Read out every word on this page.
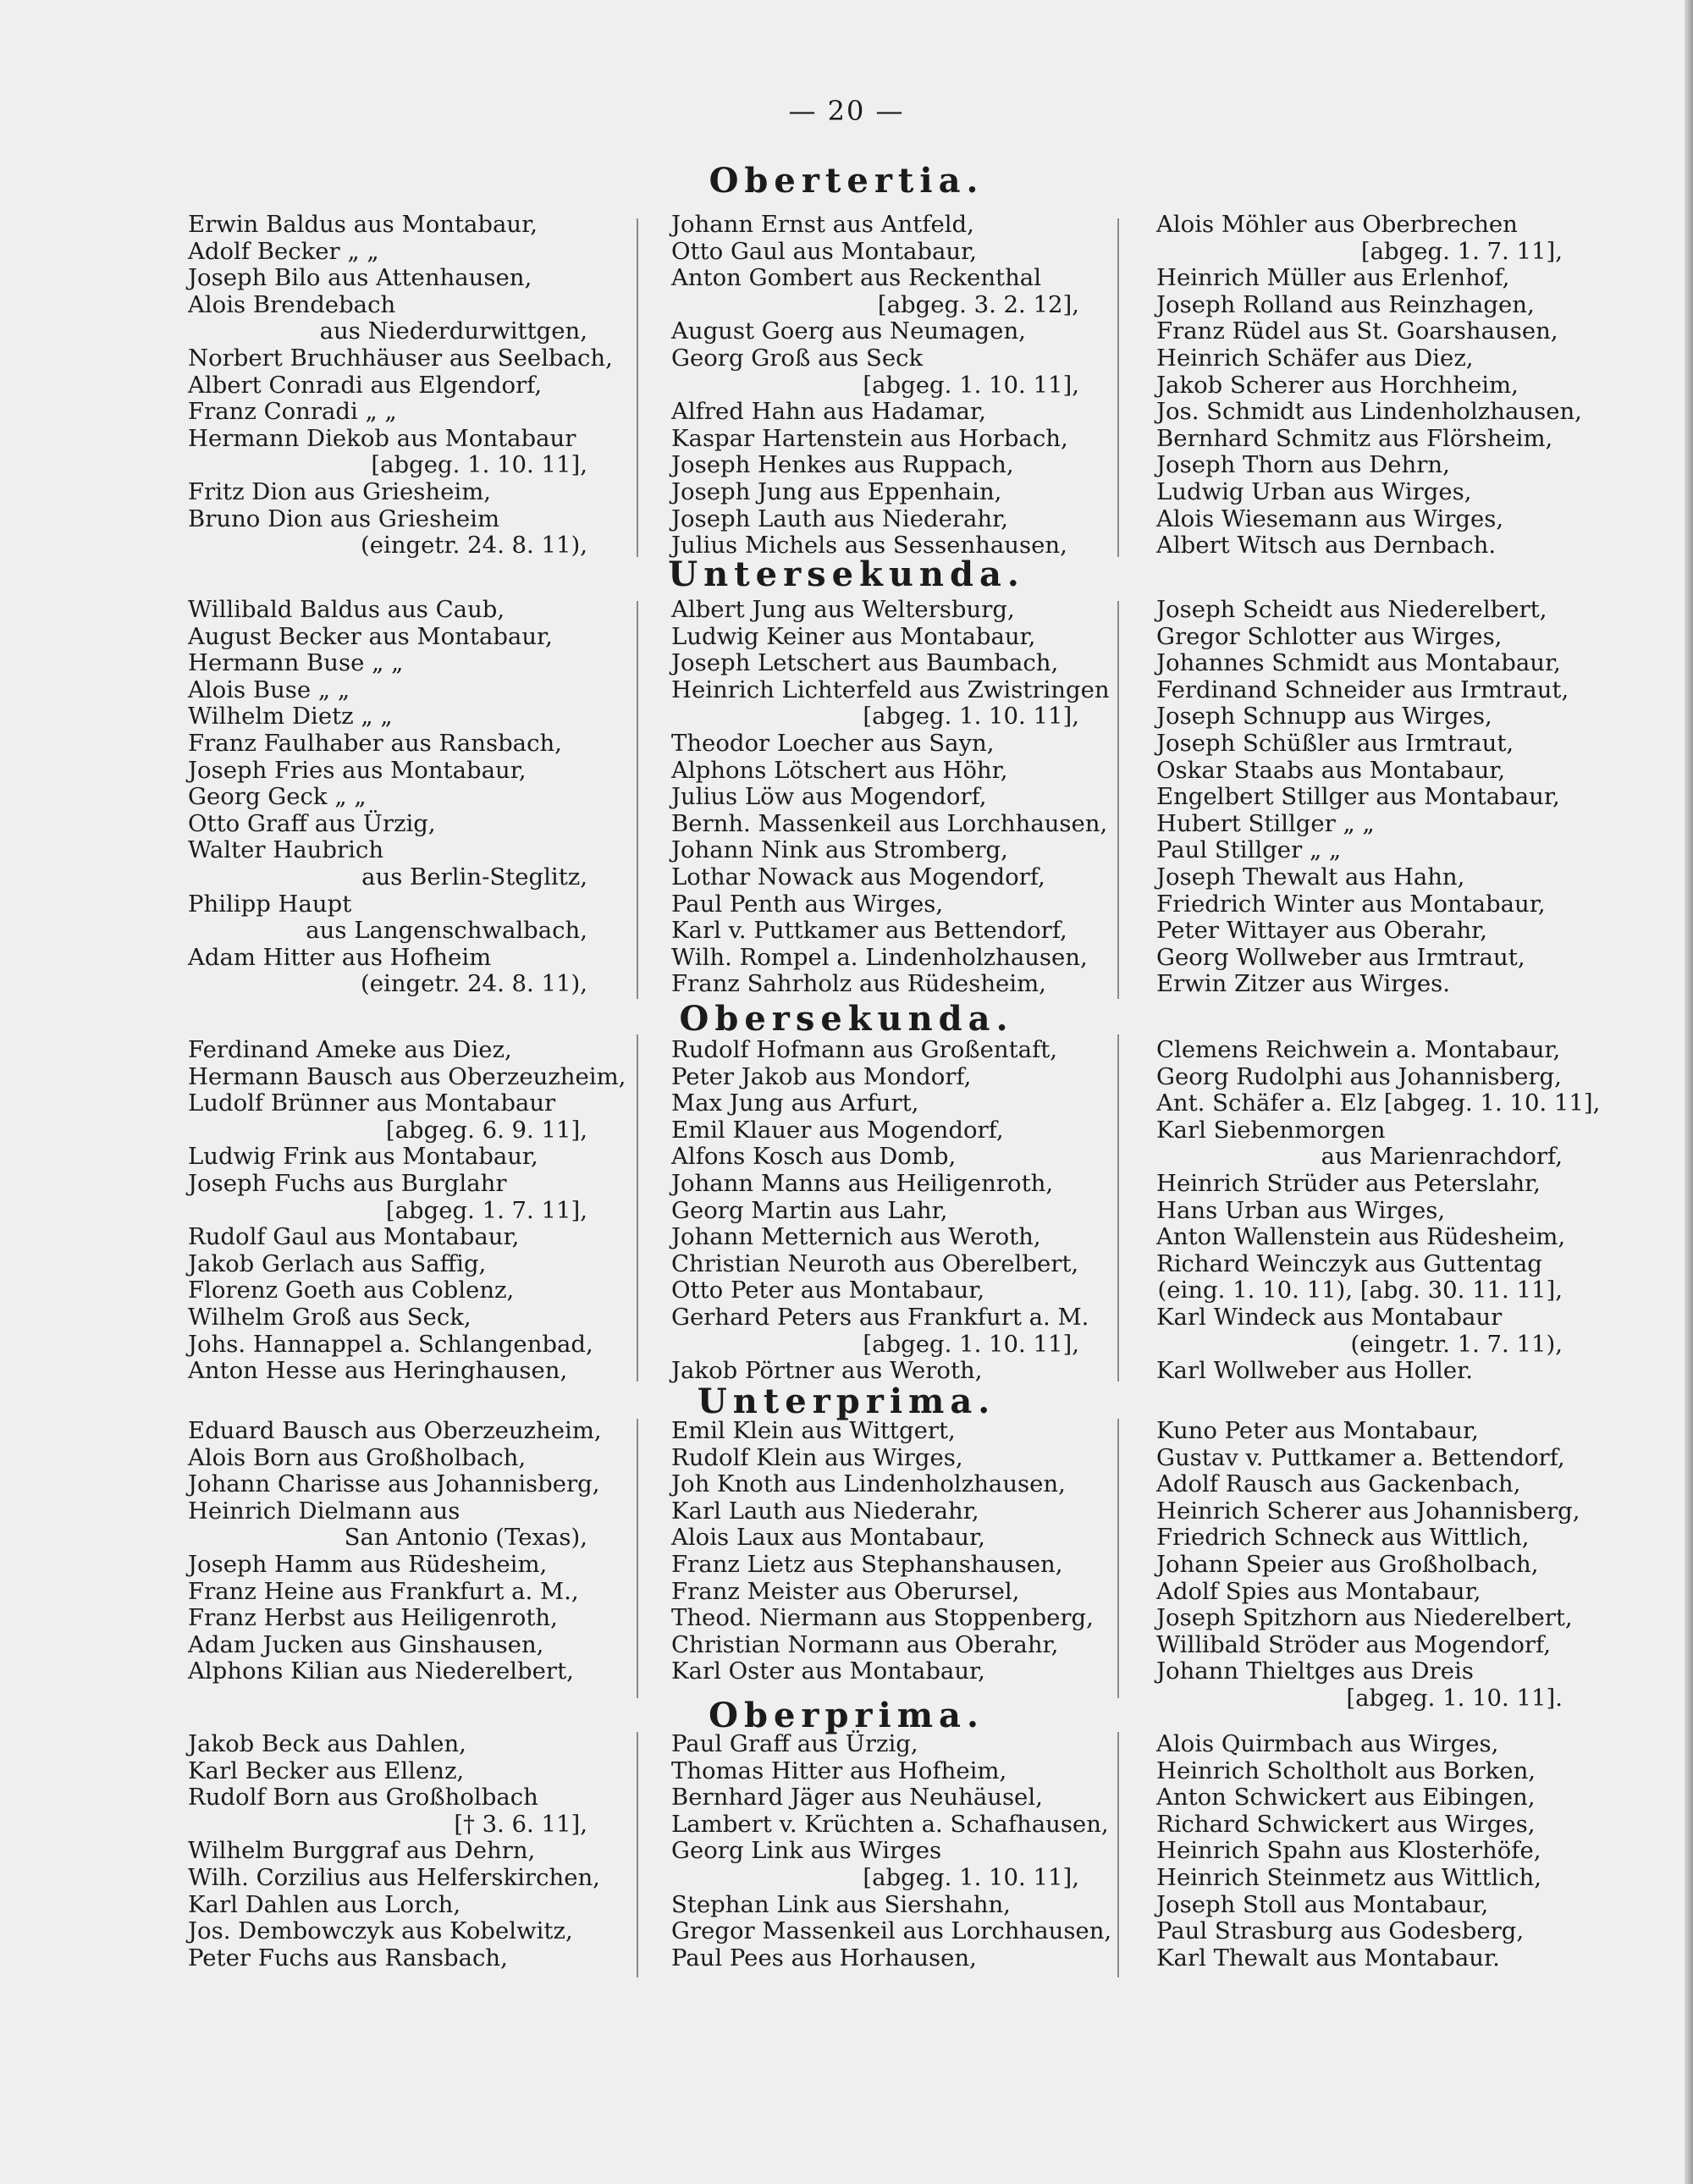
— 20 —
Obertertia.
Untersekunda.
Obersekunda.
Unterprima.
Oberprima.
Erwin Baldus aus Montabaur,
Adolf Becker „ „
Joseph Bilo aus Attenhausen,
Alois Brendebach
aus Niederdurwittgen,
Norbert Bruchhäuser aus Seelbach,
Albert Conradi aus Elgendorf,
Franz Conradi „ „
Hermann Diekob aus Montabaur
[abgeg. 1. 10. 11],
Fritz Dion aus Griesheim,
Bruno Dion aus Griesheim
(eingetr. 24. 8. 11),
Johann Ernst aus Antfeld,
Otto Gaul aus Montabaur,
Anton Gombert aus Reckenthal
[abgeg. 3. 2. 12],
August Goerg aus Neumagen,
Georg Groß aus Seck
[abgeg. 1. 10. 11],
Alfred Hahn aus Hadamar,
Kaspar Hartenstein aus Horbach,
Joseph Henkes aus Ruppach,
Joseph Jung aus Eppenhain,
Joseph Lauth aus Niederahr,
Julius Michels aus Sessenhausen,
Alois Möhler aus Oberbrechen
[abgeg. 1. 7. 11],
Heinrich Müller aus Erlenhof,
Joseph Rolland aus Reinzhagen,
Franz Rüdel aus St. Goarshausen,
Heinrich Schäfer aus Diez,
Jakob Scherer aus Horchheim,
Jos. Schmidt aus Lindenholzhausen,
Bernhard Schmitz aus Flörsheim,
Joseph Thorn aus Dehrn,
Ludwig Urban aus Wirges,
Alois Wiesemann aus Wirges,
Albert Witsch aus Dernbach.
Willibald Baldus aus Caub,
August Becker aus Montabaur,
Hermann Buse „ „
Alois Buse „ „
Wilhelm Dietz „ „
Franz Faulhaber aus Ransbach,
Joseph Fries aus Montabaur,
Georg Geck „ „
Otto Graff aus Ürzig,
Walter Haubrich
aus Berlin-Steglitz,
Philipp Haupt
aus Langenschwalbach,
Adam Hitter aus Hofheim
(eingetr. 24. 8. 11),
Albert Jung aus Weltersburg,
Ludwig Keiner aus Montabaur,
Joseph Letschert aus Baumbach,
Heinrich Lichterfeld aus Zwistringen
[abgeg. 1. 10. 11],
Theodor Loecher aus Sayn,
Alphons Lötschert aus Höhr,
Julius Löw aus Mogendorf,
Bernh. Massenkeil aus Lorchhausen,
Johann Nink aus Stromberg,
Lothar Nowack aus Mogendorf,
Paul Penth aus Wirges,
Karl v. Puttkamer aus Bettendorf,
Wilh. Rompel a. Lindenholzhausen,
Franz Sahrholz aus Rüdesheim,
Joseph Scheidt aus Niederelbert,
Gregor Schlotter aus Wirges,
Johannes Schmidt aus Montabaur,
Ferdinand Schneider aus Irmtraut,
Joseph Schnupp aus Wirges,
Joseph Schüßler aus Irmtraut,
Oskar Staabs aus Montabaur,
Engelbert Stillger aus Montabaur,
Hubert Stillger „ „
Paul Stillger „ „
Joseph Thewalt aus Hahn,
Friedrich Winter aus Montabaur,
Peter Wittayer aus Oberahr,
Georg Wollweber aus Irmtraut,
Erwin Zitzer aus Wirges.
Ferdinand Ameke aus Diez,
Hermann Bausch aus Oberzeuzheim,
Ludolf Brünner aus Montabaur
[abgeg. 6. 9. 11],
Ludwig Frink aus Montabaur,
Joseph Fuchs aus Burglahr
[abgeg. 1. 7. 11],
Rudolf Gaul aus Montabaur,
Jakob Gerlach aus Saffig,
Florenz Goeth aus Coblenz,
Wilhelm Groß aus Seck,
Johs. Hannappel a. Schlangenbad,
Anton Hesse aus Heringhausen,
Rudolf Hofmann aus Großentaft,
Peter Jakob aus Mondorf,
Max Jung aus Arfurt,
Emil Klauer aus Mogendorf,
Alfons Kosch aus Domb,
Johann Manns aus Heiligenroth,
Georg Martin aus Lahr,
Johann Metternich aus Weroth,
Christian Neuroth aus Oberelbert,
Otto Peter aus Montabaur,
Gerhard Peters aus Frankfurt a. M.
[abgeg. 1. 10. 11],
Jakob Pörtner aus Weroth,
Clemens Reichwein a. Montabaur,
Georg Rudolphi aus Johannisberg,
Ant. Schäfer a. Elz [abgeg. 1. 10. 11],
Karl Siebenmorgen
aus Marienrachdorf,
Heinrich Strüder aus Peterslahr,
Hans Urban aus Wirges,
Anton Wallenstein aus Rüdesheim,
Richard Weinczyk aus Guttentag
(eing. 1. 10. 11), [abg. 30. 11. 11],
Karl Windeck aus Montabaur
(eingetr. 1. 7. 11),
Karl Wollweber aus Holler.
Eduard Bausch aus Oberzeuzheim,
Alois Born aus Großholbach,
Johann Charisse aus Johannisberg,
Heinrich Dielmann aus
San Antonio (Texas),
Joseph Hamm aus Rüdesheim,
Franz Heine aus Frankfurt a. M.,
Franz Herbst aus Heiligenroth,
Adam Jucken aus Ginshausen,
Alphons Kilian aus Niederelbert,
Emil Klein aus Wittgert,
Rudolf Klein aus Wirges,
Joh Knoth aus Lindenholzhausen,
Karl Lauth aus Niederahr,
Alois Laux aus Montabaur,
Franz Lietz aus Stephanshausen,
Franz Meister aus Oberursel,
Theod. Niermann aus Stoppenberg,
Christian Normann aus Oberahr,
Karl Oster aus Montabaur,
Kuno Peter aus Montabaur,
Gustav v. Puttkamer a. Bettendorf,
Adolf Rausch aus Gackenbach,
Heinrich Scherer aus Johannisberg,
Friedrich Schneck aus Wittlich,
Johann Speier aus Großholbach,
Adolf Spies aus Montabaur,
Joseph Spitzhorn aus Niederelbert,
Willibald Ströder aus Mogendorf,
Johann Thieltges aus Dreis
[abgeg. 1. 10. 11].
Jakob Beck aus Dahlen,
Karl Becker aus Ellenz,
Rudolf Born aus Großholbach
[† 3. 6. 11],
Wilhelm Burggraf aus Dehrn,
Wilh. Corzilius aus Helferskirchen,
Karl Dahlen aus Lorch,
Jos. Dembowczyk aus Kobelwitz,
Peter Fuchs aus Ransbach,
Paul Graff aus Ürzig,
Thomas Hitter aus Hofheim,
Bernhard Jäger aus Neuhäusel,
Lambert v. Krüchten a. Schafhausen,
Georg Link aus Wirges
[abgeg. 1. 10. 11],
Stephan Link aus Siershahn,
Gregor Massenkeil aus Lorchhausen,
Paul Pees aus Horhausen,
Alois Quirmbach aus Wirges,
Heinrich Scholtholt aus Borken,
Anton Schwickert aus Eibingen,
Richard Schwickert aus Wirges,
Heinrich Spahn aus Klosterhöfe,
Heinrich Steinmetz aus Wittlich,
Joseph Stoll aus Montabaur,
Paul Strasburg aus Godesberg,
Karl Thewalt aus Montabaur.
